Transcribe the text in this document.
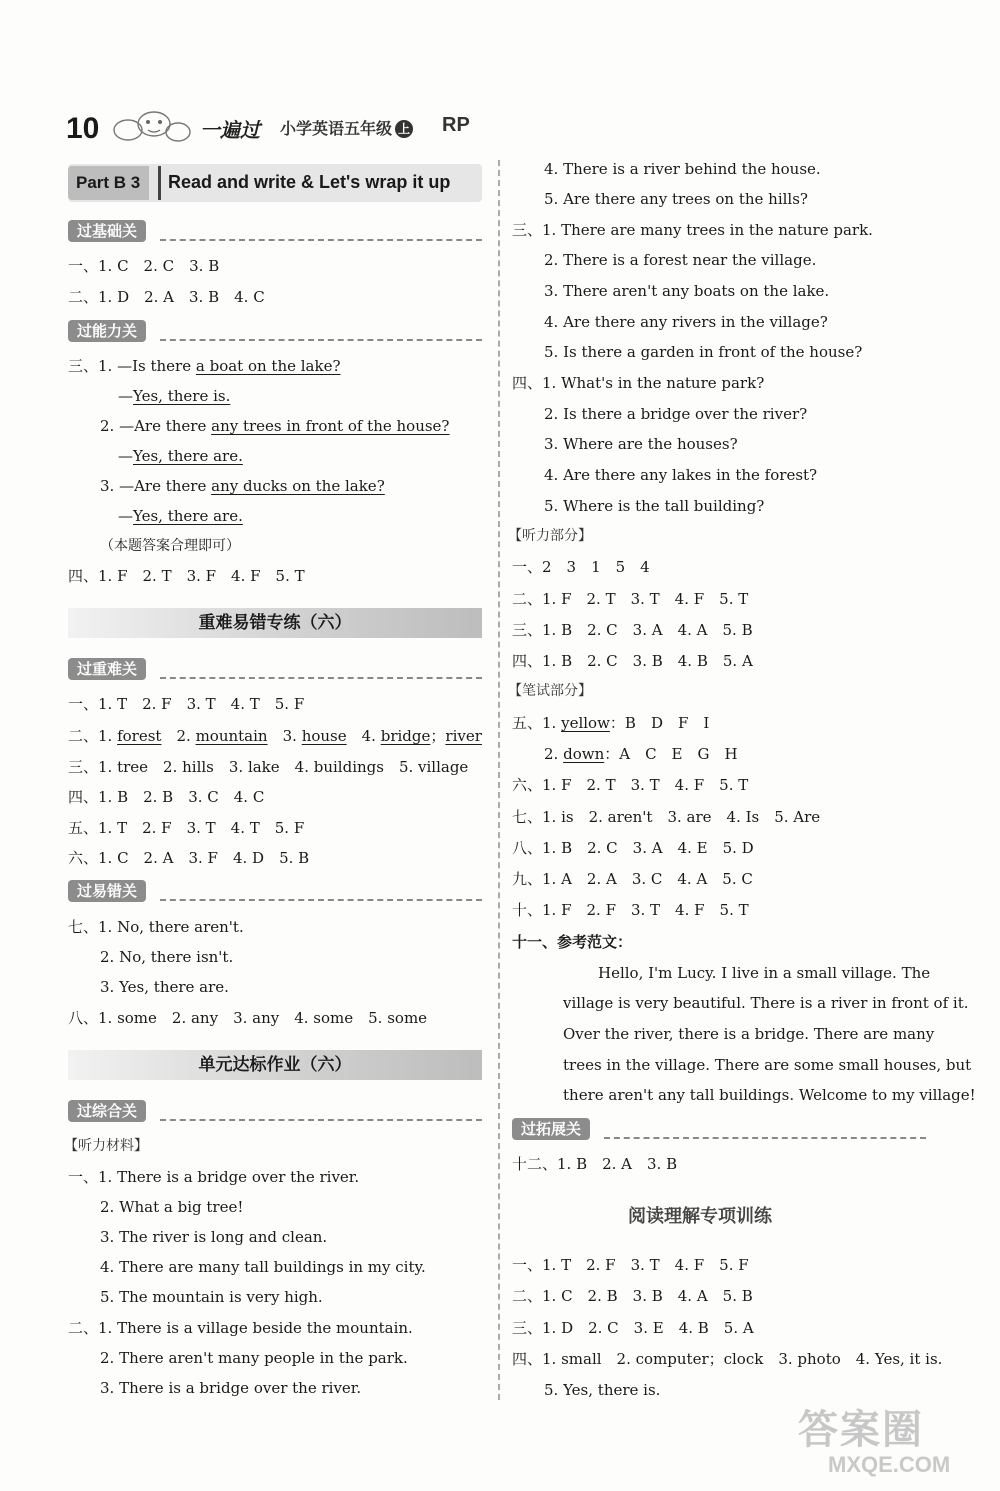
10	一遍过 小学英语五年级 上	RP
Part B 3	Read and write & Let's wrap it up
过基础关
一、1. C　2. C　3. B
二、1. D　2. A　3. B　4. C
过能力关
三、1. —Is there a boat on the lake?
—Yes, there is.
2. —Are there any trees in front of the house?
—Yes, there are.
3. —Are there any ducks on the lake?
—Yes, there are.
（本题答案合理即可）
四、1. F　2. T　3. F　4. F　5. T
重难易错专练（六）
过重难关
一、1. T　2. F　3. T　4. T　5. F
二、1. forest　 2. mountain　 3. house　 4. bridge；river
三、1. tree　2. hills　3. lake　4. buildings　5. village
四、1. B　2. B　3. C　4. C
五、1. T　2. F　3. T　4. T　5. F
六、1. C　2. A　3. F　4. D　5. B
过易错关
七、1. No, there aren't.
2. No, there isn't.
3. Yes, there are.
八、1. some　2. any　3. any　4. some　5. some
单元达标作业（六）
过综合关
【听力材料】
一、1. There is a bridge over the river.
2. What a big tree!
3. The river is long and clean.
4. There are many tall buildings in my city.
5. The mountain is very high.
二、1. There is a village beside the mountain.
2. There aren't many people in the park.
3. There is a bridge over the river.
4. There is a river behind the house.
5. Are there any trees on the hills?
三、1. There are many trees in the nature park.
2. There is a forest near the village.
3. There aren't any boats on the lake.
4. Are there any rivers in the village?
5. Is there a garden in front of the house?
四、1. What's in the nature park?
2. Is there a bridge over the river?
3. Where are the houses?
4. Are there any lakes in the forest?
5. Where is the tall building?
【听力部分】
一、2　3　1　5　4
二、1. F　2. T　3. T　4. F　5. T
三、1. B　2. C　3. A　4. A　5. B
四、1. B　2. C　3. B　4. B　5. A
【笔试部分】
五、1. yellow：B　D　F　I
2. down：A　C　E　G　H
六、1. F　2. T　3. T　4. F　5. T
七、1. is　2. aren't　3. are　4. Is　5. Are
八、1. B　2. C　3. A　4. E　5. D
九、1. A　2. A　3. C　4. A　5. C
十、1. F　2. F　3. T　4. F　5. T
十一、参考范文：
Hello, I'm Lucy. I live in a small village. The
village is very beautiful. There is a river in front of it.
Over the river, there is a bridge. There are many
trees in the village. There are some small houses, but
there aren't any tall buildings. Welcome to my village!
过拓展关
十二、1. B　2. A　3. B
阅读理解专项训练
一、1. T　2. F　3. T　4. F　5. F
二、1. C　2. B　3. B　4. A　5. B
三、1. D　2. C　3. E　4. B　5. A
四、1. small　2. computer；clock　3. photo　4. Yes, it is.
5. Yes, there is.
答案圈
MXQE.COM
